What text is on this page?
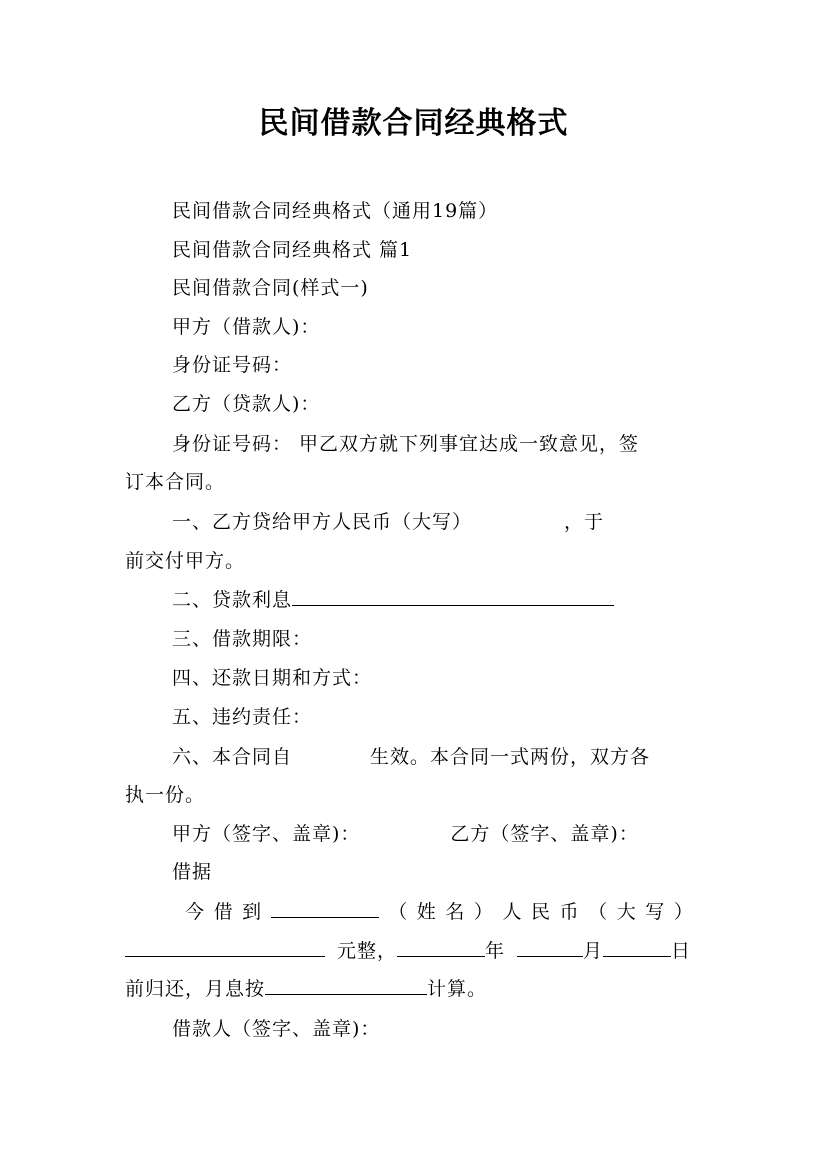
民间借款合同经典格式
民间借款合同经典格式（通用19篇）
民间借款合同经典格式 篇1
民间借款合同(样式一)
甲方（借款人)：
身份证号码：
乙方（贷款人)：
身份证号码： 甲乙双方就下列事宜达成一致意见，签
订本合同。
一、乙方贷给甲方人民币（大写）	，于
前交付甲方。
二、贷款利息
三、借款期限：
四、还款日期和方式：
五、违约责任：
六、本合同自	生效。本合同一式两份，双方各
执一份。
甲方（签字、盖章)：	乙方（签字、盖章)：
借据
今 借 到	（ 姓 名 ） 人 民 币 （ 大 写 ）
元整，	年	月	日
前归还，月息按	计算。
借款人（签字、盖章)：
